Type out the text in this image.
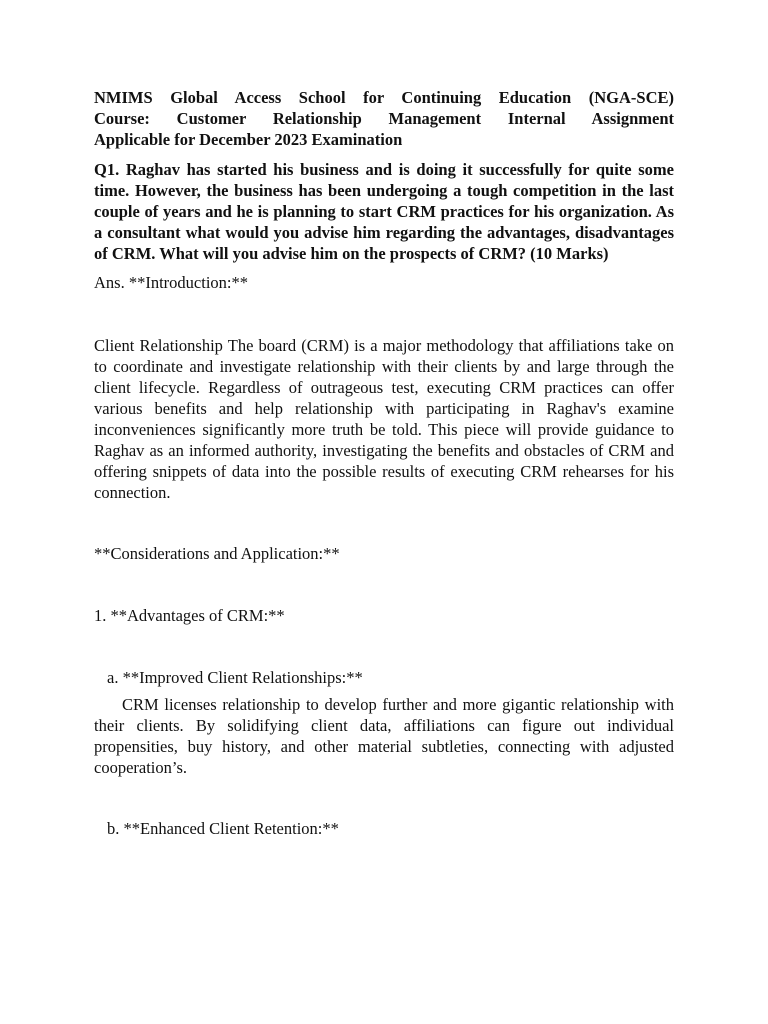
NMIMS Global Access School for Continuing Education (NGA-SCE)
Course: Customer Relationship Management Internal Assignment
Applicable for December 2023 Examination

Q1. Raghav has started his business and is doing it successfully for quite some time. However, the business has been undergoing a tough competition in the last couple of years and he is planning to start CRM practices for his organization. As a consultant what would you advise him regarding the advantages, disadvantages of CRM. What will you advise him on the prospects of CRM? (10 Marks)

Ans. **Introduction:**

Client Relationship The board (CRM) is a major methodology that affiliations take on to coordinate and investigate relationship with their clients by and large through the client lifecycle. Regardless of outrageous test, executing CRM practices can offer various benefits and help relationship with participating in Raghav's examine inconveniences significantly more truth be told. This piece will provide guidance to Raghav as an informed authority, investigating the benefits and obstacles of CRM and offering snippets of data into the possible results of executing CRM rehearses for his connection.

**Considerations and Application:**

1. **Advantages of CRM:**

a. **Improved Client Relationships:**

CRM licenses relationship to develop further and more gigantic relationship with their clients. By solidifying client data, affiliations can figure out individual propensities, buy history, and other material subtleties, connecting with adjusted cooperation’s.

b. **Enhanced Client Retention:**
